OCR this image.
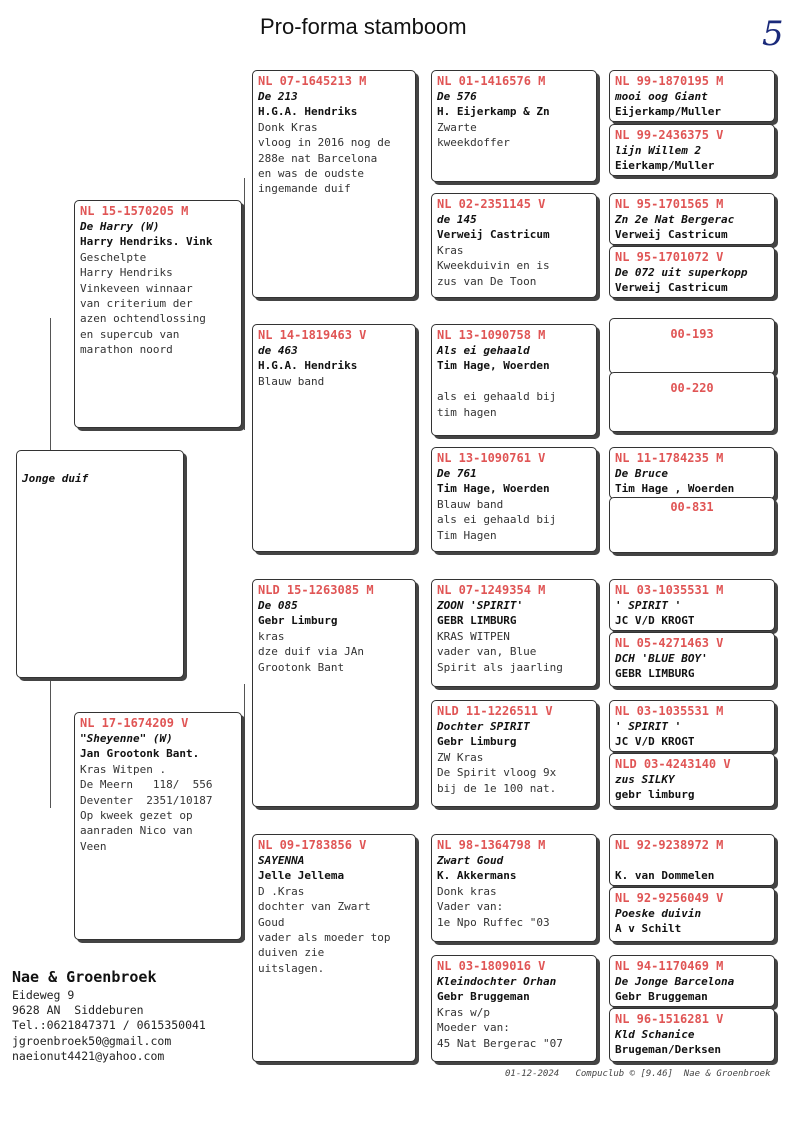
Pro-forma stamboom	5
Jonge duif
NL 15-1570205 M
De Harry (W)
Harry Hendriks. Vink
Geschelpte
Harry Hendriks
Vinkeveen winnaar
van criterium der
azen ochtendlossing
en supercub van
marathon noord
NL 17-1674209 V
"Sheyenne" (W)
Jan Grootonk Bant.
Kras Witpen .
De Meern   118/  556
Deventer  2351/10187
Op kweek gezet op
aanraden Nico van
Veen
NL 07-1645213 M
De 213
H.G.A. Hendriks
Donk Kras
vloog in 2016 nog de
288e nat Barcelona
en was de oudste
ingemande duif
NL 14-1819463 V
de 463
H.G.A. Hendriks
Blauw band
NLD 15-1263085 M
De 085
Gebr Limburg
kras
dze duif via JAn
Grootonk Bant
NL 09-1783856 V
SAYENNA
Jelle Jellema
D .Kras
dochter van Zwart
Goud
vader als moeder top
duiven zie
uitslagen.
NL 01-1416576 M
De 576
H. Eijerkamp & Zn
Zwarte
kweekdoffer
NL 02-2351145 V
de 145
Verweij Castricum
Kras
Kweekduivin en is
zus van De Toon
NL 13-1090758 M
Als ei gehaald
Tim Hage, Woerden

als ei gehaald bij
tim hagen
NL 13-1090761 V
De 761
Tim Hage, Woerden
Blauw band
als ei gehaald bij
Tim Hagen
NL 07-1249354 M
ZOON 'SPIRIT'
GEBR LIMBURG
KRAS WITPEN
vader van, Blue
Spirit als jaarling
NLD 11-1226511 V
Dochter SPIRIT
Gebr Limburg
ZW Kras
De Spirit vloog 9x
bij de 1e 100 nat.
NL 98-1364798 M
Zwart Goud
K. Akkermans
Donk kras
Vader van:
1e Npo Ruffec "03
NL 03-1809016 V
Kleindochter Orhan
Gebr Bruggeman
Kras w/p
Moeder van:
45 Nat Bergerac "07
NL 99-1870195 M
mooi oog Giant
Eijerkamp/Muller
NL 99-2436375 V
lijn Willem 2
Eierkamp/Muller
NL 95-1701565 M
Zn 2e Nat Bergerac
Verweij Castricum
NL 95-1701072 V
De 072 uit superkopp
Verweij Castricum
00-193
00-220
NL 11-1784235 M
De Bruce
Tim Hage , Woerden
00-831
NL 03-1035531 M
' SPIRIT '
JC V/D KROGT
NL 05-4271463 V
DCH 'BLUE BOY'
GEBR LIMBURG
NL 03-1035531 M
' SPIRIT '
JC V/D KROGT
NLD 03-4243140 V
zus SILKY
gebr limburg
NL 92-9238972 M
K. van Dommelen
NL 92-9256049 V
Poeske duivin
A v Schilt
NL 94-1170469 M
De Jonge Barcelona
Gebr Bruggeman
NL 96-1516281 V
Kld Schanice
Brugeman/Derksen
Nae & Groenbroek
Eideweg 9
9628 AN  Siddeburen
Tel.:0621847371 / 0615350041
jgroenbroek50@gmail.com
naeionut4421@yahoo.com
01-12-2024   Compuclub © [9.46]  Nae & Groenbroek
